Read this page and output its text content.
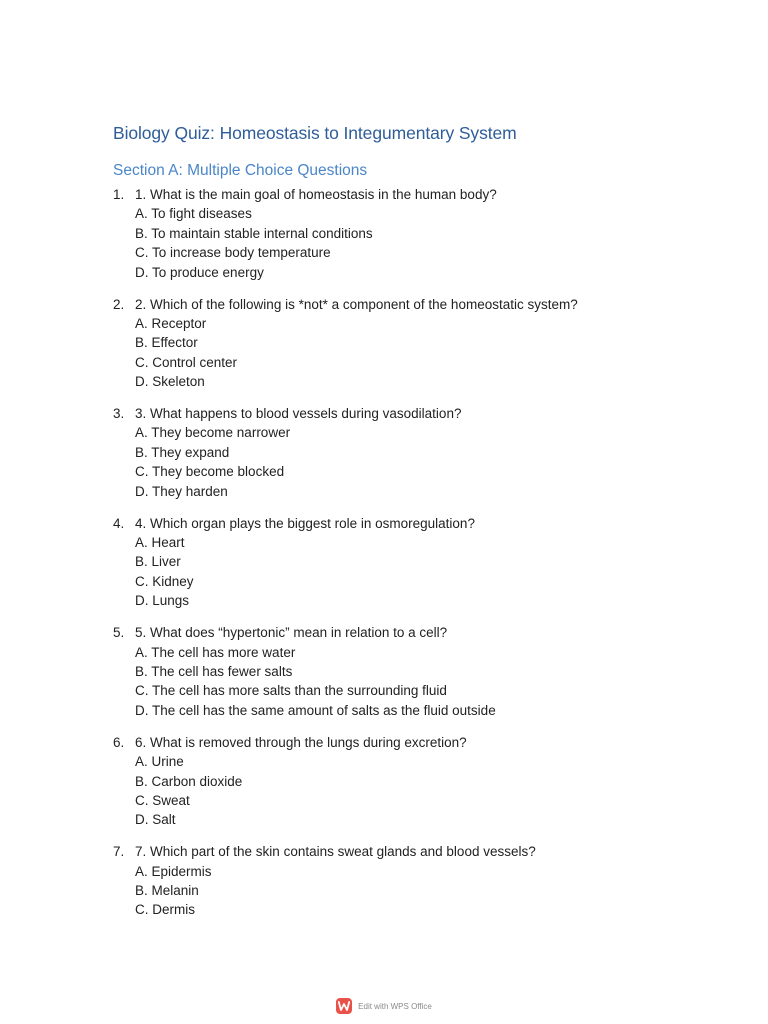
Biology Quiz: Homeostasis to Integumentary System
Section A: Multiple Choice Questions
1. 1. What is the main goal of homeostasis in the human body?
A. To fight diseases
B. To maintain stable internal conditions
C. To increase body temperature
D. To produce energy
2. 2. Which of the following is *not* a component of the homeostatic system?
A. Receptor
B. Effector
C. Control center
D. Skeleton
3. 3. What happens to blood vessels during vasodilation?
A. They become narrower
B. They expand
C. They become blocked
D. They harden
4. 4. Which organ plays the biggest role in osmoregulation?
A. Heart
B. Liver
C. Kidney
D. Lungs
5. 5. What does “hypertonic” mean in relation to a cell?
A. The cell has more water
B. The cell has fewer salts
C. The cell has more salts than the surrounding fluid
D. The cell has the same amount of salts as the fluid outside
6. 6. What is removed through the lungs during excretion?
A. Urine
B. Carbon dioxide
C. Sweat
D. Salt
7. 7. Which part of the skin contains sweat glands and blood vessels?
A. Epidermis
B. Melanin
C. Dermis
Edit with WPS Office
